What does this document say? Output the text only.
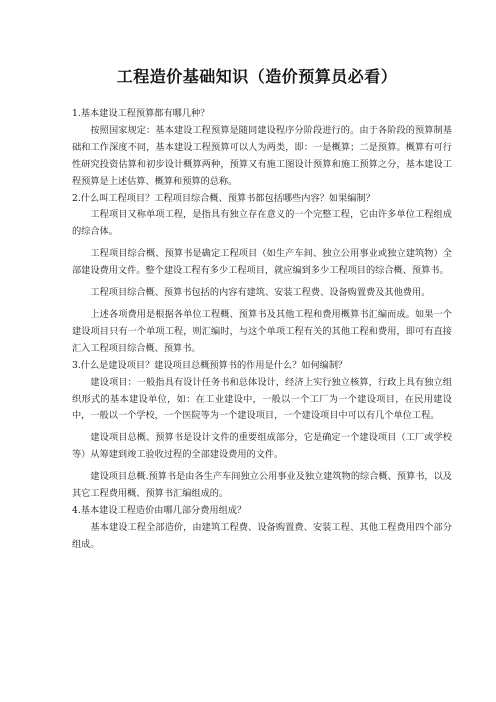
工程造价基础知识（造价预算员必看）

1.基本建设工程预算都有哪几种？

按照国家规定：基本建设工程预算是随同建设程序分阶段进行的。由于各阶段的预算制基础和工作深度不同，基本建设工程预算可以人为两类，即：一是概算；二是预算。概算有可行性研究投资估算和初步设计概算两种，预算又有施工图设计预算和施工预算之分，基本建设工程预算是上述估算、概算和预算的总称。

2.什么叫工程项目？工程项目综合概、预算书都包括哪些内容？如果编制？

工程项目又称单项工程，是指具有独立存在意义的一个完整工程，它由许多单位工程组成的综合体。

工程项目综合概、预算书是确定工程项目（如生产车间、独立公用事业或独立建筑物）全部建设费用文件。整个建设工程有多少工程项目，就应编到多少工程项目的综合概、预算书。

工程项目综合概、预算书包括的内容有建筑、安装工程费、设备购置费及其他费用。

上述各项费用是根据各单位工程概、预算书及其他工程和费用概算书汇编而成。如果一个建设项目只有一个单项工程，则汇编时，与这个单项工程有关的其他工程和费用，即可有直接汇入工程项目综合概、预算书。

3.什么是建设项目？建设项目总概预算书的作用是什么？如何编制？

建设项目：一般指具有设计任务书和总体设计，经济上实行独立核算，行政上具有独立组织形式的基本建设单位，如：在工业建设中，一般以一个工厂为一个建设项目，在民用建设中，一般以一个学校，一个医院等为一个建设项目，一个建设项目中可以有几个单位工程。

建设项目总概、预算书是设计文件的重要组成部分，它是确定一个建设项目（工厂或学校等）从筹建到竣工验收过程的全部建设费用的文件。

建设项目总概.预算书是由各生产车间独立公用事业及独立建筑物的综合概、预算书，以及其它工程费用概、预算书汇编组成的。

4.基本建设工程造价由哪几部分费用组成？

基本建设工程全部造价，由建筑工程费、设备购置费、安装工程、其他工程费用四个部分组成。
